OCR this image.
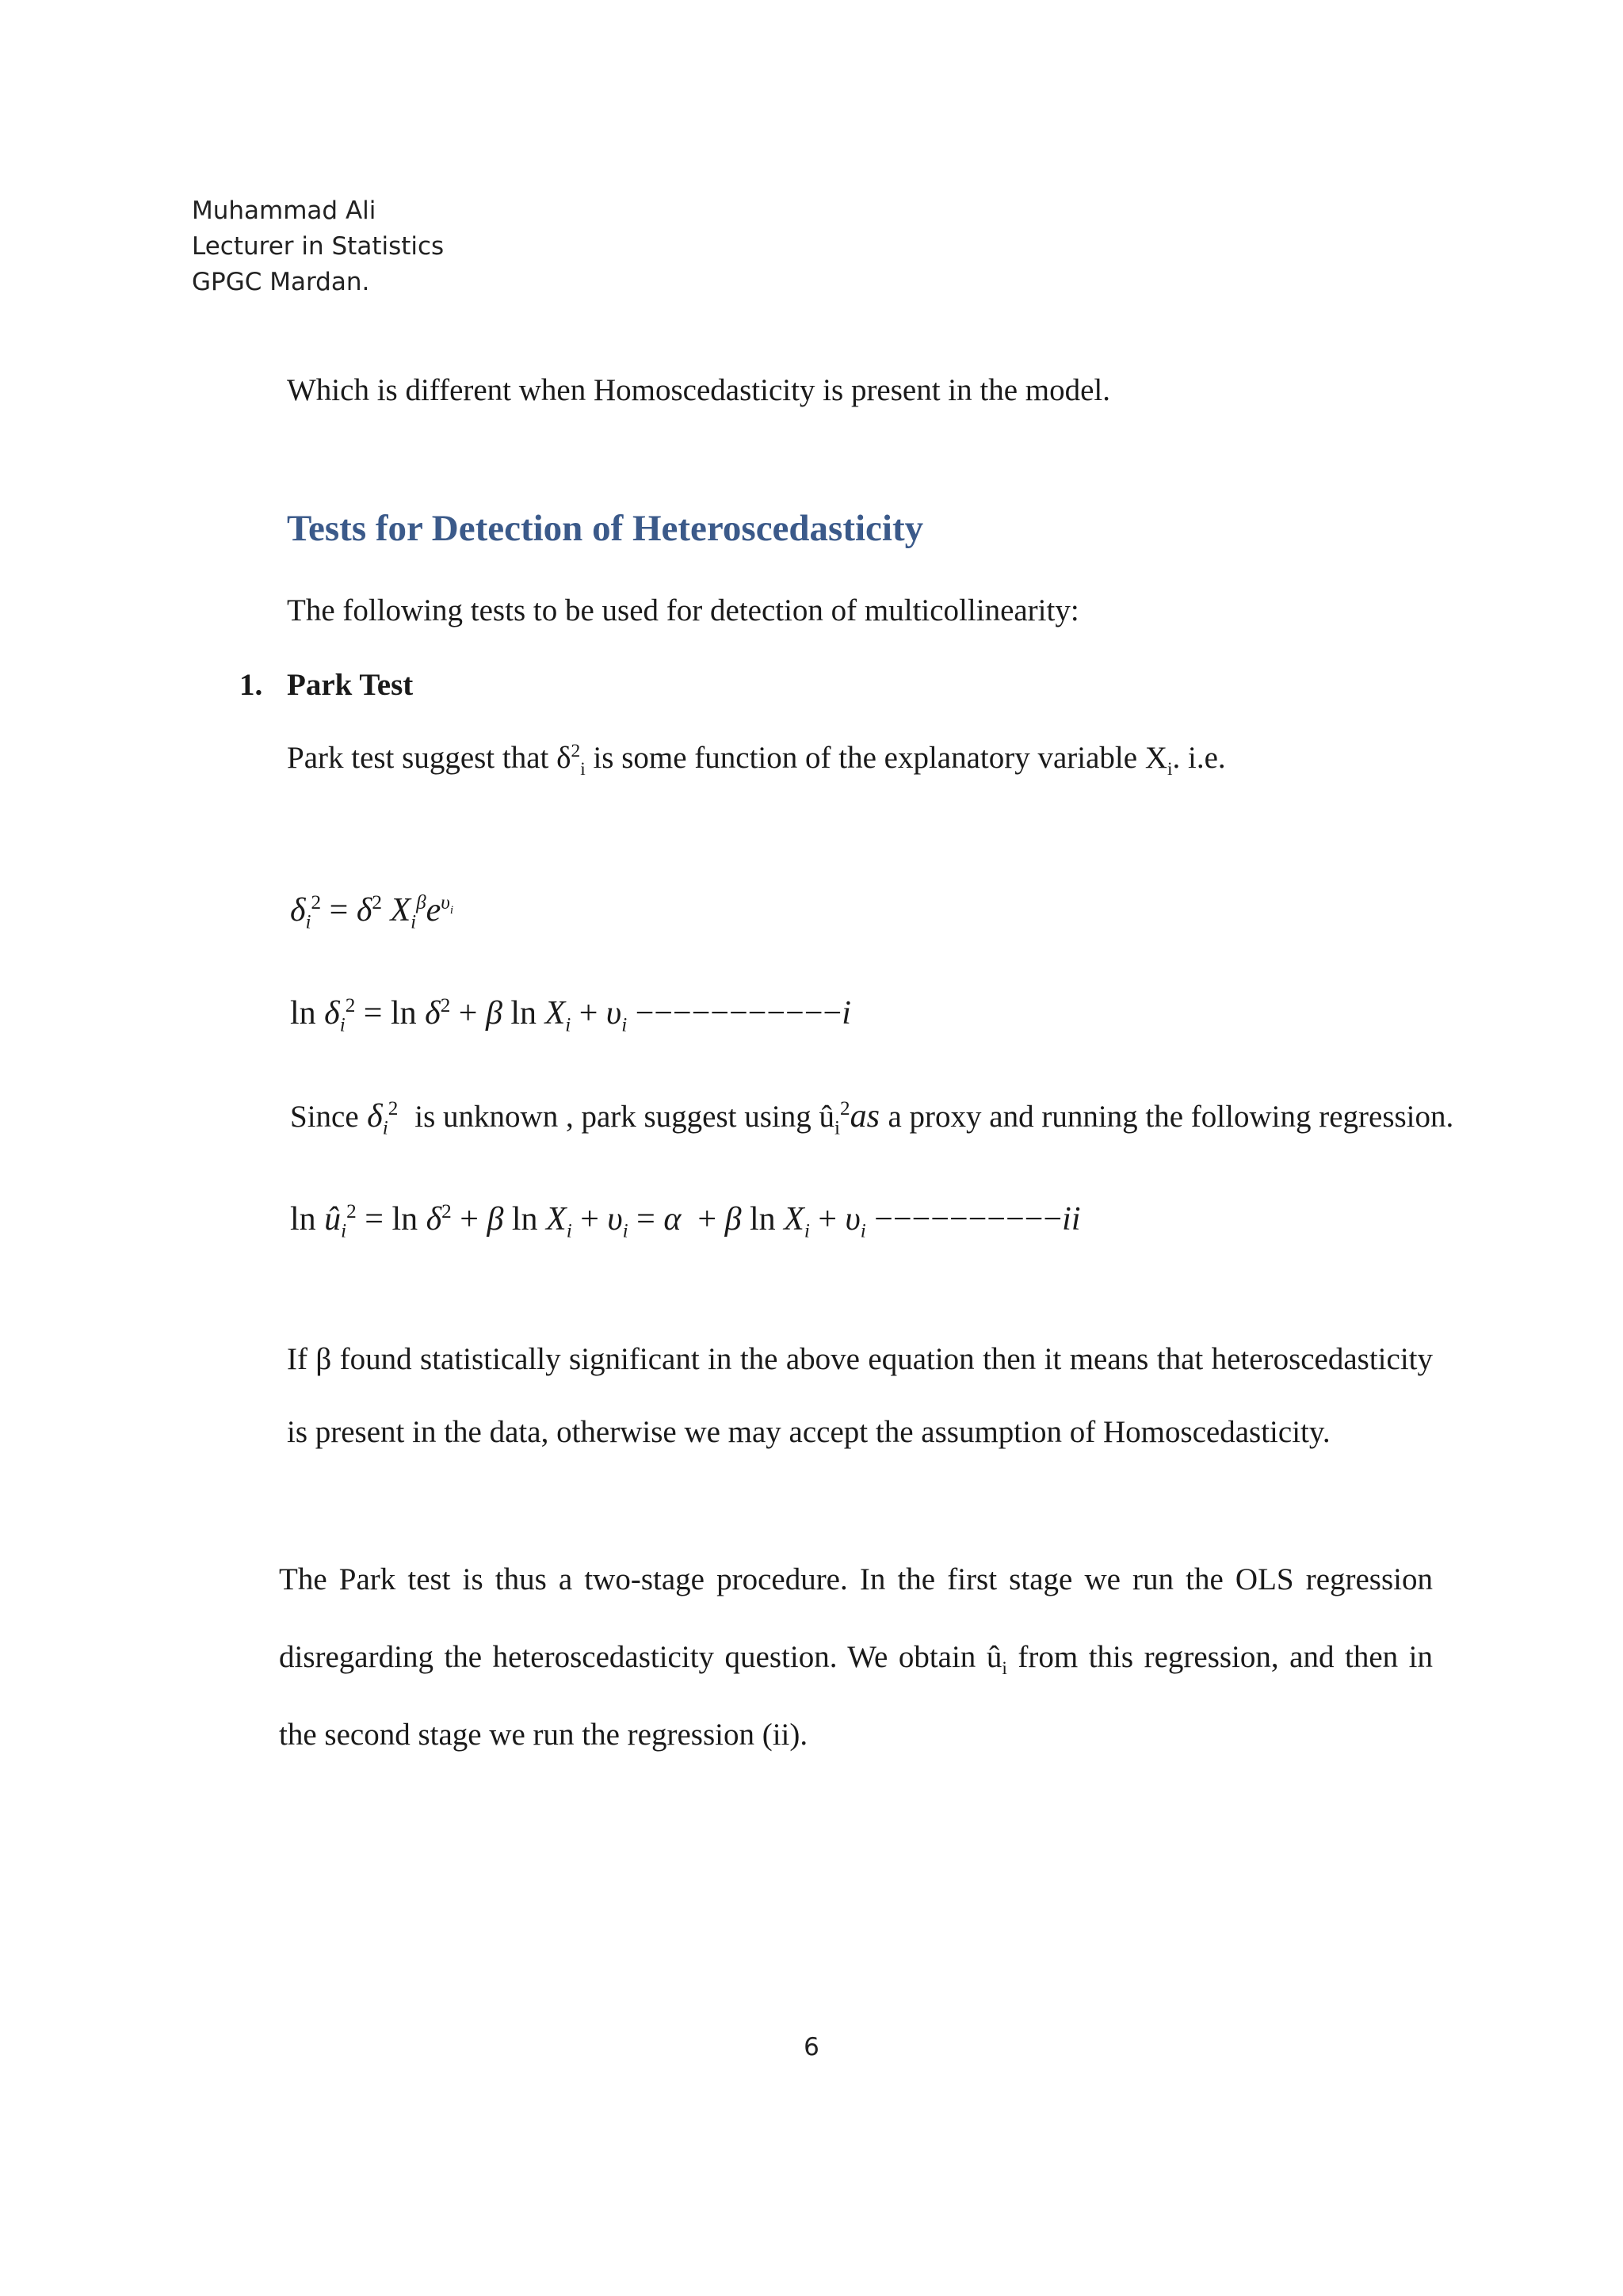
Muhammad Ali
Lecturer in Statistics
GPGC Mardan.
Which is different when Homoscedasticity is present in the model.
Tests for Detection of Heteroscedasticity
The following tests to be used for detection of multicollinearity:
1. Park Test
Park test suggest that $\delta^2_i$ is some function of the explanatory variable $X_i$. i.e.
$\delta_i^2 = \delta^2$ $X_i^\beta e^{\upsilon_i}$
$\ln \delta_i^2 = \ln \delta^2 + \beta$ $\ln X_i + \upsilon_i -----------i$
Since $\delta_i^2$ is unknown , park suggest using $û_i^2as$ a proxy and running the following regression.
$\ln û_i^2 = \ln \delta^2 + \beta$ $\ln X_i + \upsilon_i = \alpha + \beta$ $\ln X_i + \upsilon_i ----------ii$
If β found statistically significant in the above equation then it means that heteroscedasticity is present in the data, otherwise we may accept the assumption of Homoscedasticity.
The Park test is thus a two-stage procedure. In the first stage we run the OLS regression disregarding the heteroscedasticity question. We obtain $û_i$ from this regression, and then in the second stage we run the regression (ii).
6
